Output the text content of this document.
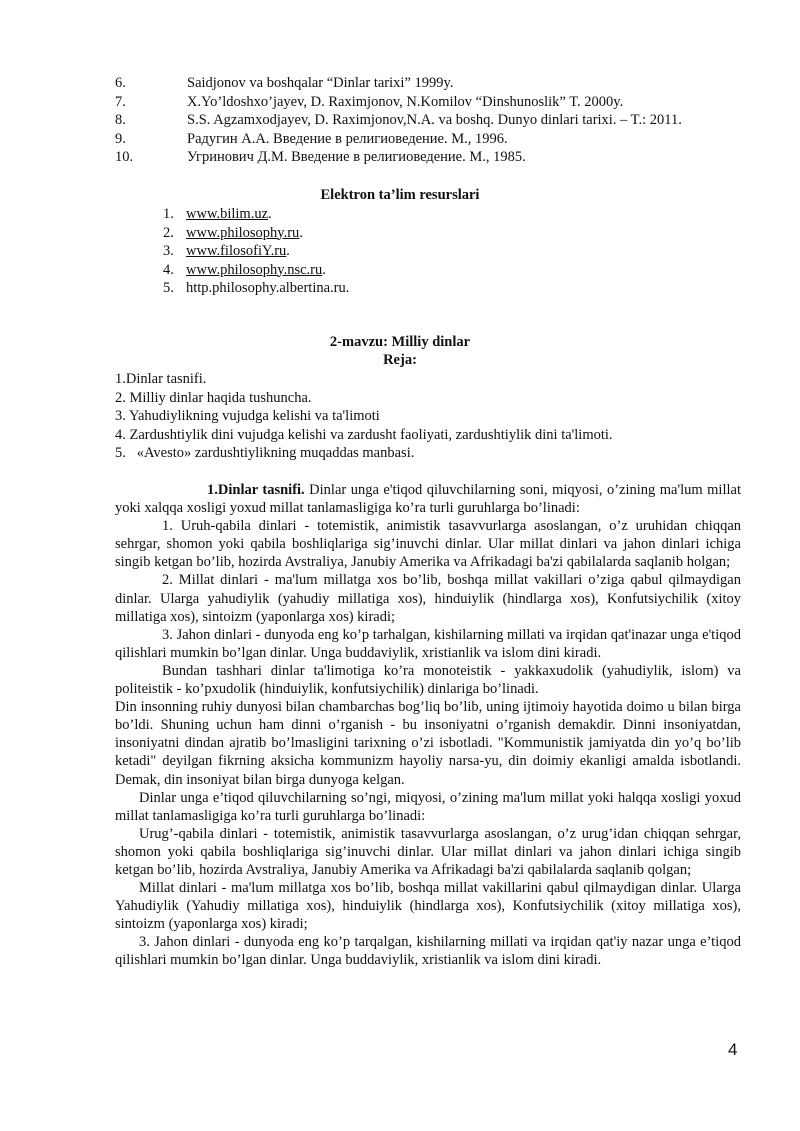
6.	Saidjonov va boshqalar “Dinlar tarixi” 1999y.
7.	X.Yo’ldoshxo’jayev, D. Raximjonov, N.Komilov “Dinshunoslik” T. 2000y.
8.	S.S. Agzamxodjayev, D. Raximjonov,N.A. va boshq. Dunyo dinlari tarixi. – T.: 2011.
9.	Радугин А.А. Введение в религиоведение. М., 1996.
10.	Угринович Д.М. Введение в религиоведение. М., 1985.
Elektron ta’lim resurslari
1. www.bilim.uz.
2. www.philosophy.ru.
3. www.filosofiY.ru.
4. www.philosophy.nsc.ru.
5. http.philosophy.albertina.ru.
2-mavzu: Milliy dinlar
Reja:
1.Dinlar tasnifi.
2. Milliy dinlar haqida tushuncha.
3. Yahudiylikning vujudga kelishi va ta'limoti
4. Zardushtiylik dini vujudga kelishi va zardusht faoliyati, zardushtiylik dini ta'limoti.
5.   «Avesto» zardushtiylikning muqaddas manbasi.

1.Dinlar tasnifi. Dinlar unga e'tiqod qiluvchilarning soni, miqyosi, o’zining ma'lum millat yoki xalqqa xosligi yoxud millat tanlamasligiga ko’ra turli guruhlarga bo’linadi:

1. Uruh-qabila dinlari - totemistik, animistik tasavvurlarga asoslangan, o’z uruhidan chiqqan sehrgar, shomon yoki qabila boshliqlariga sig’inuvchi dinlar. Ular millat dinlari va jahon dinlari ichiga singib ketgan bo’lib, hozirda Avstraliya, Janubiy Amerika va Afrikadagi ba'zi qabilalarda saqlanib holgan;

2. Millat dinlari - ma'lum millatga xos bo’lib, boshqa millat vakillari o’ziga qabul qilmaydigan dinlar. Ularga yahudiylik (yahudiy millatiga xos), hinduiylik (hindlarga xos), Konfutsiychilik (xitoy millatiga xos), sintoizm (yaponlarga xos) kiradi;

3. Jahon dinlari - dunyoda eng ko’p tarhalgan, kishilarning millati va irqidan qat'inazar unga e'tiqod qilishlari mumkin bo’lgan dinlar. Unga buddaviylik, xristianlik va islom dini kiradi.

Bundan tashhari dinlar ta'limotiga ko’ra monoteistik - yakkaxudolik (yahudiylik, islom) va politeistik - ko’pxudolik (hinduiylik, konfutsiychilik) dinlariga bo’linadi.

Din insonning ruhiy dunyosi bilan chambarchas bog’liq bo’lib, uning ijtimoiy hayotida doimo u bilan birga bo’ldi. Shuning uchun ham dinni o’rganish - bu insoniyatni o’rganish demakdir. Dinni insoniyatdan, insoniyatni dindan ajratib bo’lmasligini tarixning o’zi isbotladi. "Kommunistik jamiyatda din yo’q bo’lib ketadi" deyilgan fikrning aksicha kommunizm hayoliy narsa-yu, din doimiy ekanligi amalda isbotlandi. Demak, din insoniyat bilan birga dunyoga kelgan.

Dinlar unga e’tiqod qiluvchilarning so’ngi, miqyosi, o’zining ma'lum millat yoki halqqa xosligi yoxud millat tanlamasligiga ko’ra turli guruhlarga bo’linadi:

Urug’-qabila dinlari - totemistik, animistik tasavvurlarga asoslangan, o’z urug’idan chiqqan sehrgar, shomon yoki qabila boshliqlariga sig’inuvchi dinlar. Ular millat dinlari va jahon dinlari ichiga singib ketgan bo’lib, hozirda Avstraliya, Janubiy Amerika va Afrikadagi ba'zi qabilalarda saqlanib qolgan;

Millat dinlari - ma'lum millatga xos bo’lib, boshqa millat vakillarini qabul qilmaydigan dinlar. Ularga Yahudiylik (Yahudiy millatiga xos), hinduiylik (hindlarga xos), Konfutsiychilik (xitoy millatiga xos), sintoizm (yaponlarga xos) kiradi;

3. Jahon dinlari - dunyoda eng ko’p tarqalgan, kishilarning millati va irqidan qat'iy nazar unga e’tiqod qilishlari mumkin bo’lgan dinlar. Unga buddaviylik, xristianlik va islom dini kiradi.

4
